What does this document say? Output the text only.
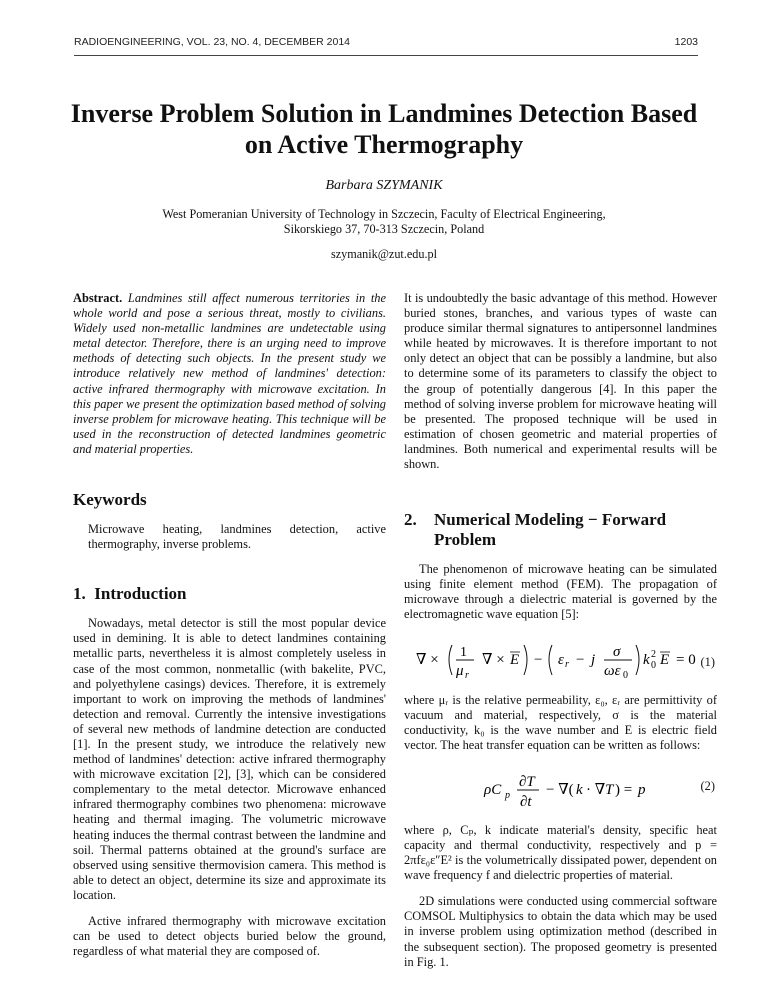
RADIOENGINEERING, VOL. 23, NO. 4, DECEMBER 2014	1203
Inverse Problem Solution in Landmines Detection Based on Active Thermography
Barbara SZYMANIK
West Pomeranian University of Technology in Szczecin, Faculty of Electrical Engineering,
Sikorskiego 37, 70-313 Szczecin, Poland
szymanik@zut.edu.pl

Abstract. Landmines still affect numerous territories in the whole world and pose a serious threat, mostly to civilians. Widely used non-metallic landmines are undetectable using metal detector. Therefore, there is an urging need to improve methods of detecting such objects. In the present study we introduce relatively new method of landmines' detection: active infrared thermography with microwave excitation. In this paper we present the optimization based method of solving inverse problem for microwave heating. This technique will be used in the reconstruction of detected landmines geometric and material properties.

Keywords

Microwave heating, landmines detection, active thermography, inverse problems.

1. Introduction

Nowadays, metal detector is still the most popular device used in demining. It is able to detect landmines containing metallic parts, nevertheless it is almost completely useless in case of the most common, nonmetallic (with bakelite, PVC, and polyethylene casings) devices. Therefore, it is extremely important to work on improving the methods of landmines' detection and removal. Currently the intensive investigations of several new methods of landmine detection are conducted [1]. In the present study, we introduce the relatively new method of landmines' detection: active infrared thermography with microwave excitation [2], [3], which can be considered complementary to the metal detector. Microwave enhanced infrared thermography combines two phenomena: microwave heating and thermal imaging. The volumetric microwave heating induces the thermal contrast between the landmine and soil. Thermal patterns obtained at the ground's surface are observed using sensitive thermovision camera. This method is able to detect an object, determine its size and approximate its location.

Active infrared thermography with microwave excitation can be used to detect objects buried below the ground, regardless of what material they are composed of.

It is undoubtedly the basic advantage of this method. However buried stones, branches, and various types of waste can produce similar thermal signatures to antipersonnel landmines while heated by microwaves. It is therefore important to not only detect an object that can be possibly a landmine, but also to determine some of its parameters to classify the object to the group of potentially dangerous [4]. In this paper the method of solving inverse problem for microwave heating will be presented. The proposed technique will be used in estimation of chosen geometric and material properties of landmines. Both numerical and experimental results will be shown.

2. Numerical Modeling − Forward
Problem

The phenomenon of microwave heating can be simulated using finite element method (FEM). The propagation of microwave through a dielectric material is governed by the electromagnetic wave equation [5]:

∇ × 1
μ r
∇ × E − ε r − j σ
ωε 0
k 0
2 E = 0 (1)

where μᵣ is the relative permeability, ε₀, εᵣ are permittivity of vacuum and material, respectively, σ is the material conductivity, k₀ is the wave number and E is electric field vector. The heat transfer equation can be written as follows:

ρC p
∂T
∂t
− ∇( k · ∇ T ) = p	(2)

where ρ, Cₚ, k indicate material's density, specific heat capacity and thermal conductivity, respectively and p = 2πfε₀ε″E² is the volumetrically dissipated power, dependent on wave frequency f and dielectric properties of material.

2D simulations were conducted using commercial software COMSOL Multiphysics to obtain the data which may be used in inverse problem using optimization method (described in the subsequent section). The proposed geometry is presented in Fig. 1.
